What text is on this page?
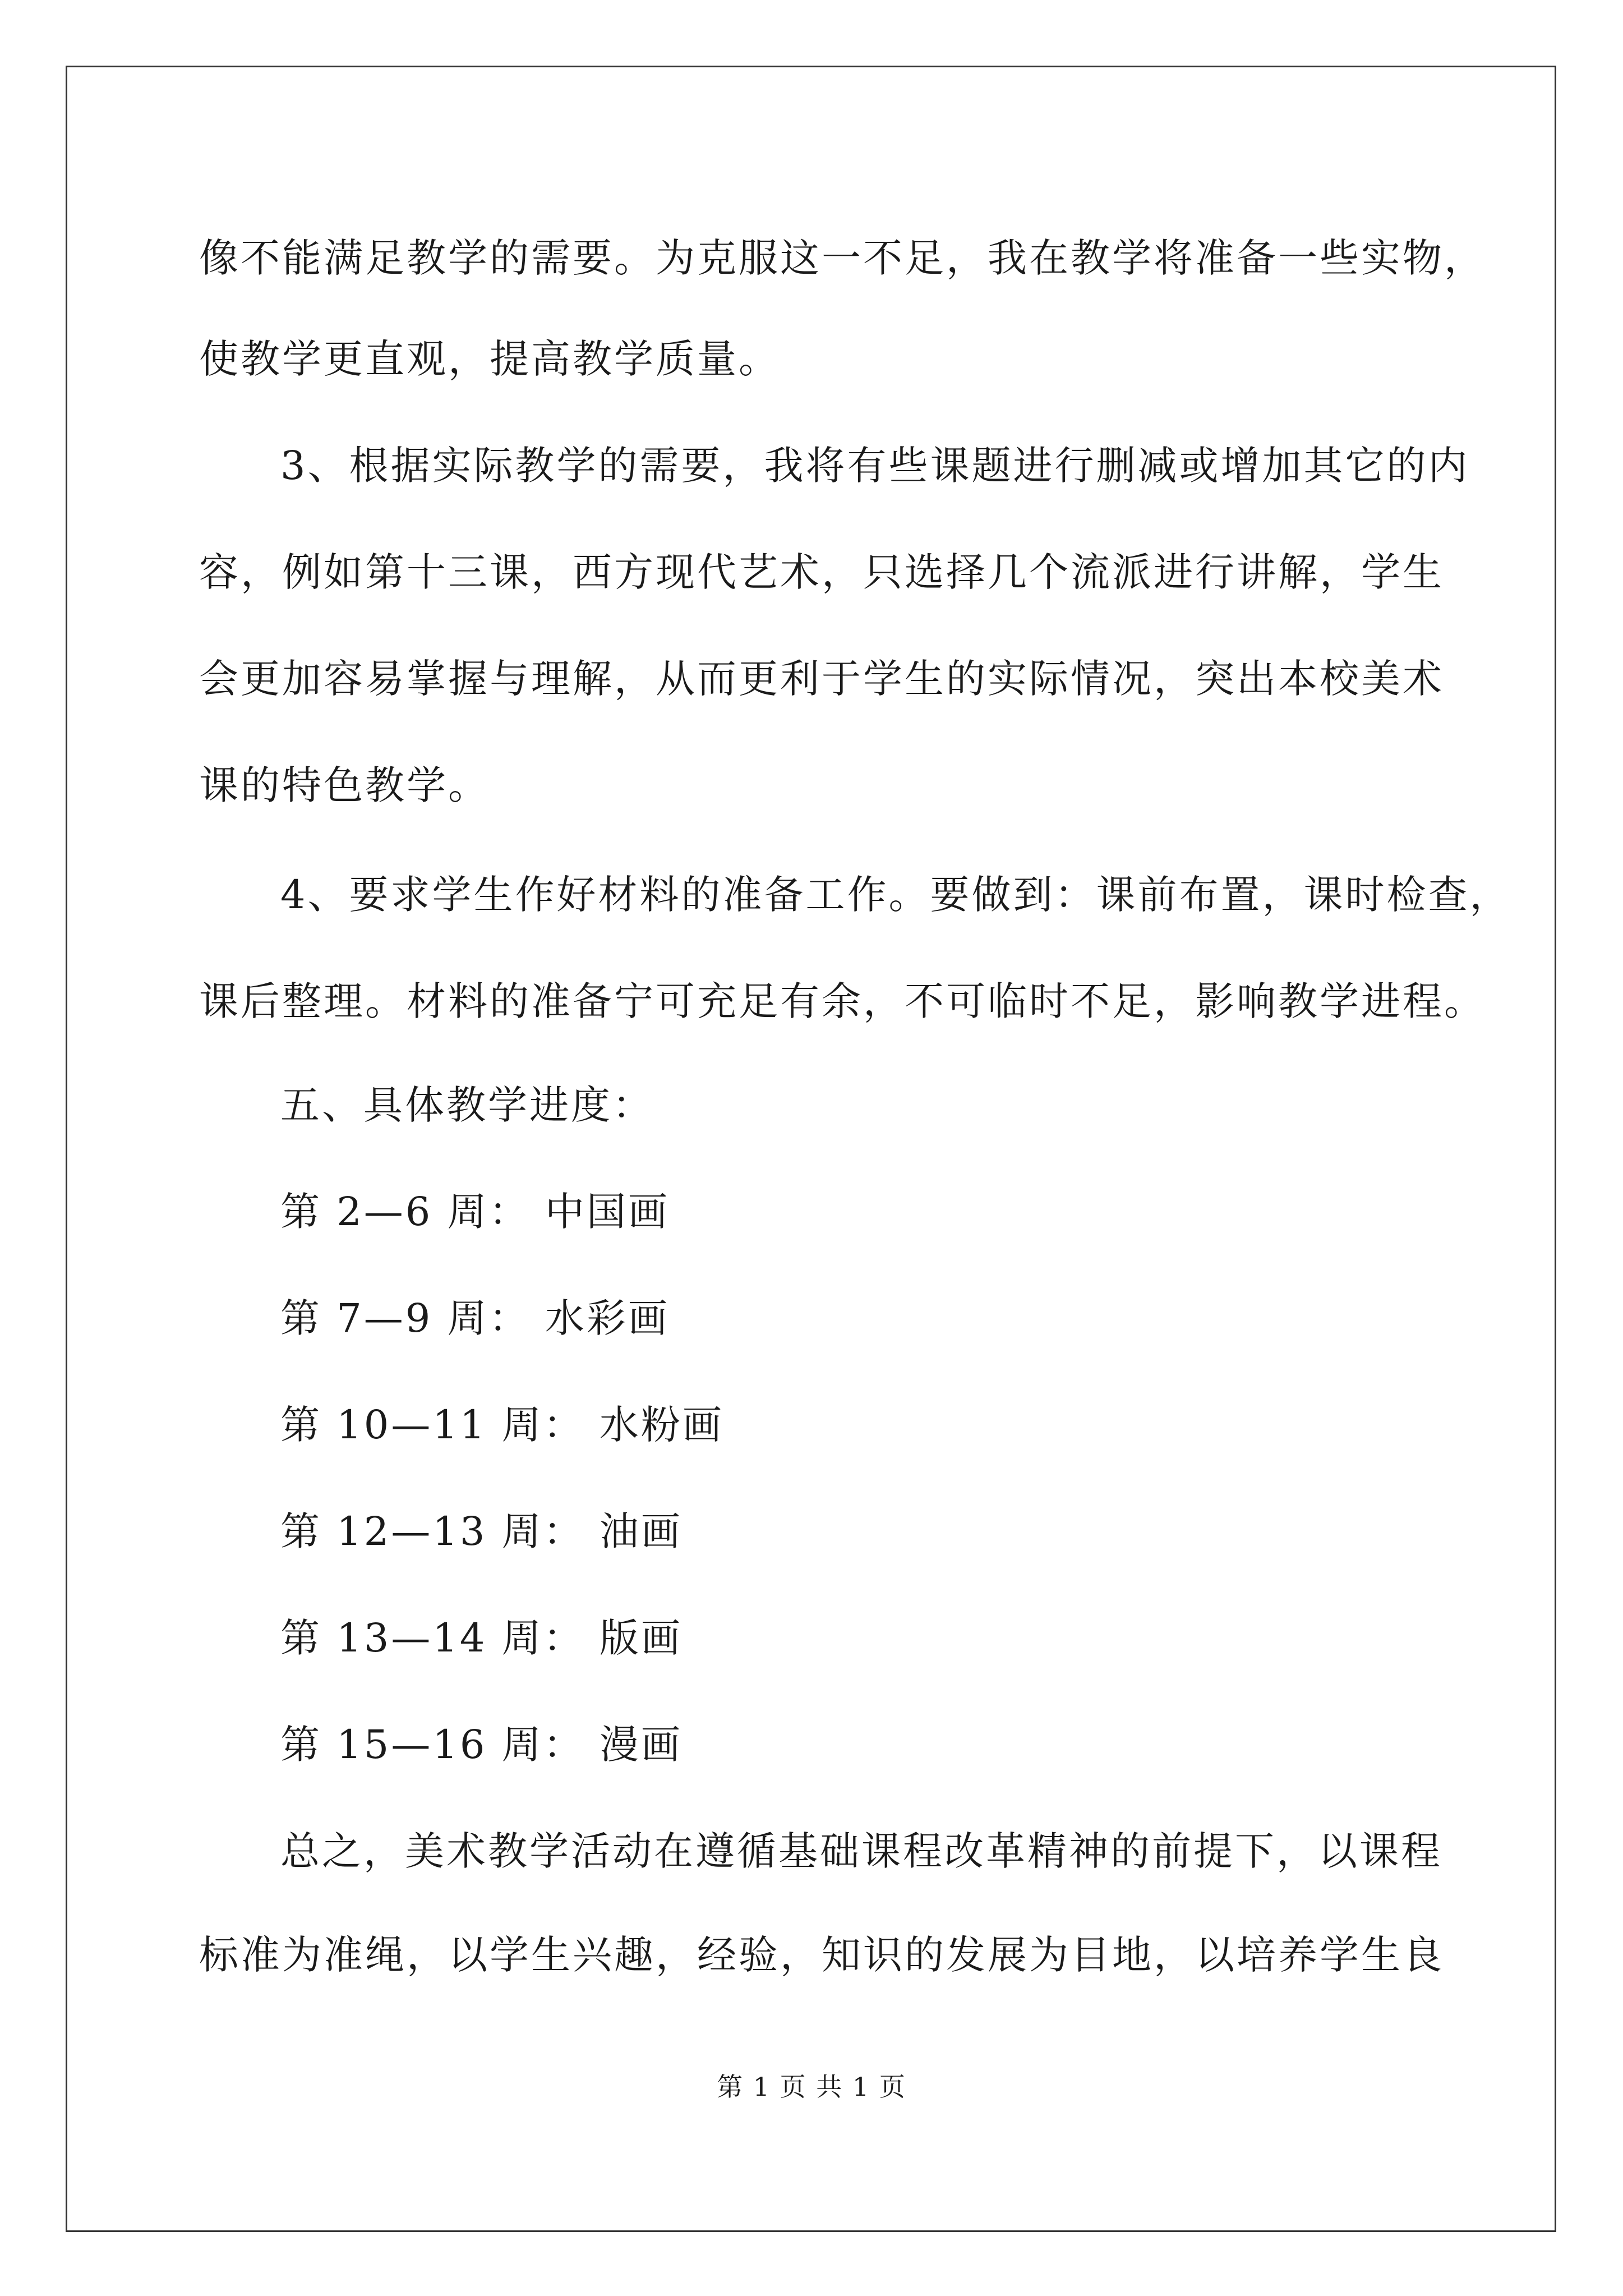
像不能满足教学的需要。为克服这一不足，我在教学将准备一些实物，
使教学更直观，提高教学质量。
3、根据实际教学的需要，我将有些课题进行删减或增加其它的内
容，例如第十三课，西方现代艺术，只选择几个流派进行讲解，学生
会更加容易掌握与理解，从而更利于学生的实际情况，突出本校美术
课的特色教学。
4、要求学生作好材料的准备工作。要做到：课前布置，课时检查，
课后整理。材料的准备宁可充足有余，不可临时不足，影响教学进程。
五、具体教学进度：
第 2—6 周： 中国画
第 7—9 周： 水彩画
第 10—11 周： 水粉画
第 12—13 周： 油画
第 13—14 周： 版画
第 15—16 周： 漫画
总之，美术教学活动在遵循基础课程改革精神的前提下，以课程
标准为准绳，以学生兴趣，经验，知识的发展为目地，以培养学生良
第 1 页 共 1 页
